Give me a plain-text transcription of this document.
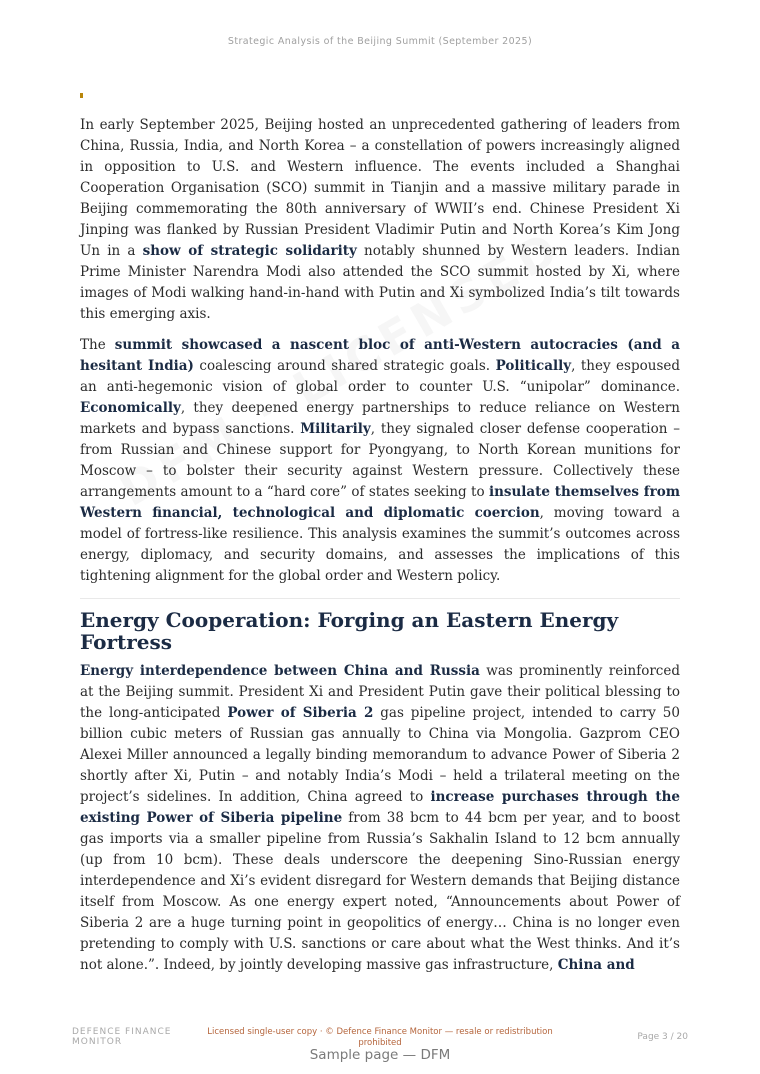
Strategic Analysis of the Beijing Summit (September 2025)

In early September 2025, Beijing hosted an unprecedented gathering of leaders from China, Russia, India, and North Korea – a constellation of powers increasingly aligned in opposition to U.S. and Western influence. The events included a Shanghai Cooperation Organisation (SCO) summit in Tianjin and a massive military parade in Beijing commemorating the 80th anniversary of WWII’s end. Chinese President Xi Jinping was flanked by Russian President Vladimir Putin and North Korea’s Kim Jong Un in a show of strategic solidarity notably shunned by Western leaders. Indian Prime Minister Narendra Modi also attended the SCO summit hosted by Xi, where images of Modi walking hand-in-hand with Putin and Xi symbolized India’s tilt towards this emerging axis.

The summit showcased a nascent bloc of anti-Western autocracies (and a hesitant India) coalescing around shared strategic goals. Politically, they espoused an anti-hegemonic vision of global order to counter U.S. “unipolar” dominance. Economically, they deepened energy partnerships to reduce reliance on Western markets and bypass sanctions. Militarily, they signaled closer defense cooperation – from Russian and Chinese support for Pyongyang, to North Korean munitions for Moscow – to bolster their security against Western pressure. Collectively these arrangements amount to a “hard core” of states seeking to insulate themselves from Western financial, technological and diplomatic coercion, moving toward a model of fortress-like resilience. This analysis examines the summit’s outcomes across energy, diplomacy, and security domains, and assesses the implications of this tightening alignment for the global order and Western policy.

Energy Cooperation: Forging an Eastern Energy Fortress

Energy interdependence between China and Russia was prominently reinforced at the Beijing summit. President Xi and President Putin gave their political blessing to the long-anticipated Power of Siberia 2 gas pipeline project, intended to carry 50 billion cubic meters of Russian gas annually to China via Mongolia. Gazprom CEO Alexei Miller announced a legally binding memorandum to advance Power of Siberia 2 shortly after Xi, Putin – and notably India’s Modi – held a trilateral meeting on the project’s sidelines. In addition, China agreed to increase purchases through the existing Power of Siberia pipeline from 38 bcm to 44 bcm per year, and to boost gas imports via a smaller pipeline from Russia’s Sakhalin Island to 12 bcm annually (up from 10 bcm). These deals underscore the deepening Sino-Russian energy interdependence and Xi’s evident disregard for Western demands that Beijing distance itself from Moscow. As one energy expert noted, “Announcements about Power of Siberia 2 are a huge turning point in geopolitics of energy… China is no longer even pretending to comply with U.S. sanctions or care about what the West thinks. And it’s not alone.”. Indeed, by jointly developing massive gas infrastructure, China and

DEFENCE FINANCE
MONITOR
Licensed single-user copy · © Defence Finance Monitor — resale or redistribution prohibited
Page 3 / 20
Sample page — DFM
